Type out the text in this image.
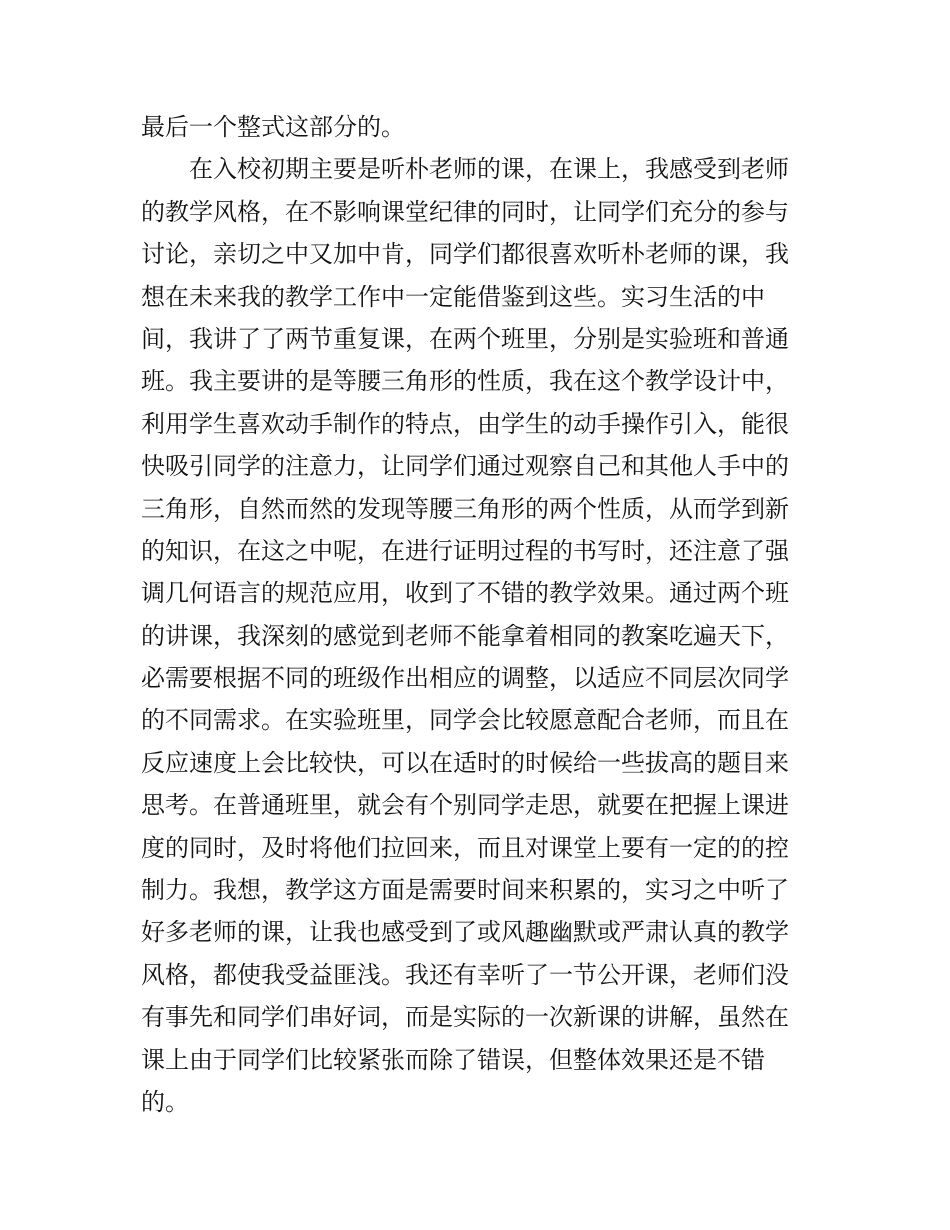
最后一个整式这部分的。
在入校初期主要是听朴老师的课，在课上，我感受到老师
的教学风格，在不影响课堂纪律的同时，让同学们充分的参与
讨论，亲切之中又加中肯，同学们都很喜欢听朴老师的课，我
想在未来我的教学工作中一定能借鉴到这些。实习生活的中
间，我讲了了两节重复课，在两个班里，分别是实验班和普通
班。我主要讲的是等腰三角形的性质，我在这个教学设计中，
利用学生喜欢动手制作的特点，由学生的动手操作引入，能很
快吸引同学的注意力，让同学们通过观察自己和其他人手中的
三角形，自然而然的发现等腰三角形的两个性质，从而学到新
的知识，在这之中呢，在进行证明过程的书写时，还注意了强
调几何语言的规范应用，收到了不错的教学效果。通过两个班
的讲课，我深刻的感觉到老师不能拿着相同的教案吃遍天下，
必需要根据不同的班级作出相应的调整，以适应不同层次同学
的不同需求。在实验班里，同学会比较愿意配合老师，而且在
反应速度上会比较快，可以在适时的时候给一些拔高的题目来
思考。在普通班里，就会有个别同学走思，就要在把握上课进
度的同时，及时将他们拉回来，而且对课堂上要有一定的的控
制力。我想，教学这方面是需要时间来积累的，实习之中听了
好多老师的课，让我也感受到了或风趣幽默或严肃认真的教学
风格，都使我受益匪浅。我还有幸听了一节公开课，老师们没
有事先和同学们串好词，而是实际的一次新课的讲解，虽然在
课上由于同学们比较紧张而除了错误，但整体效果还是不错
的。
